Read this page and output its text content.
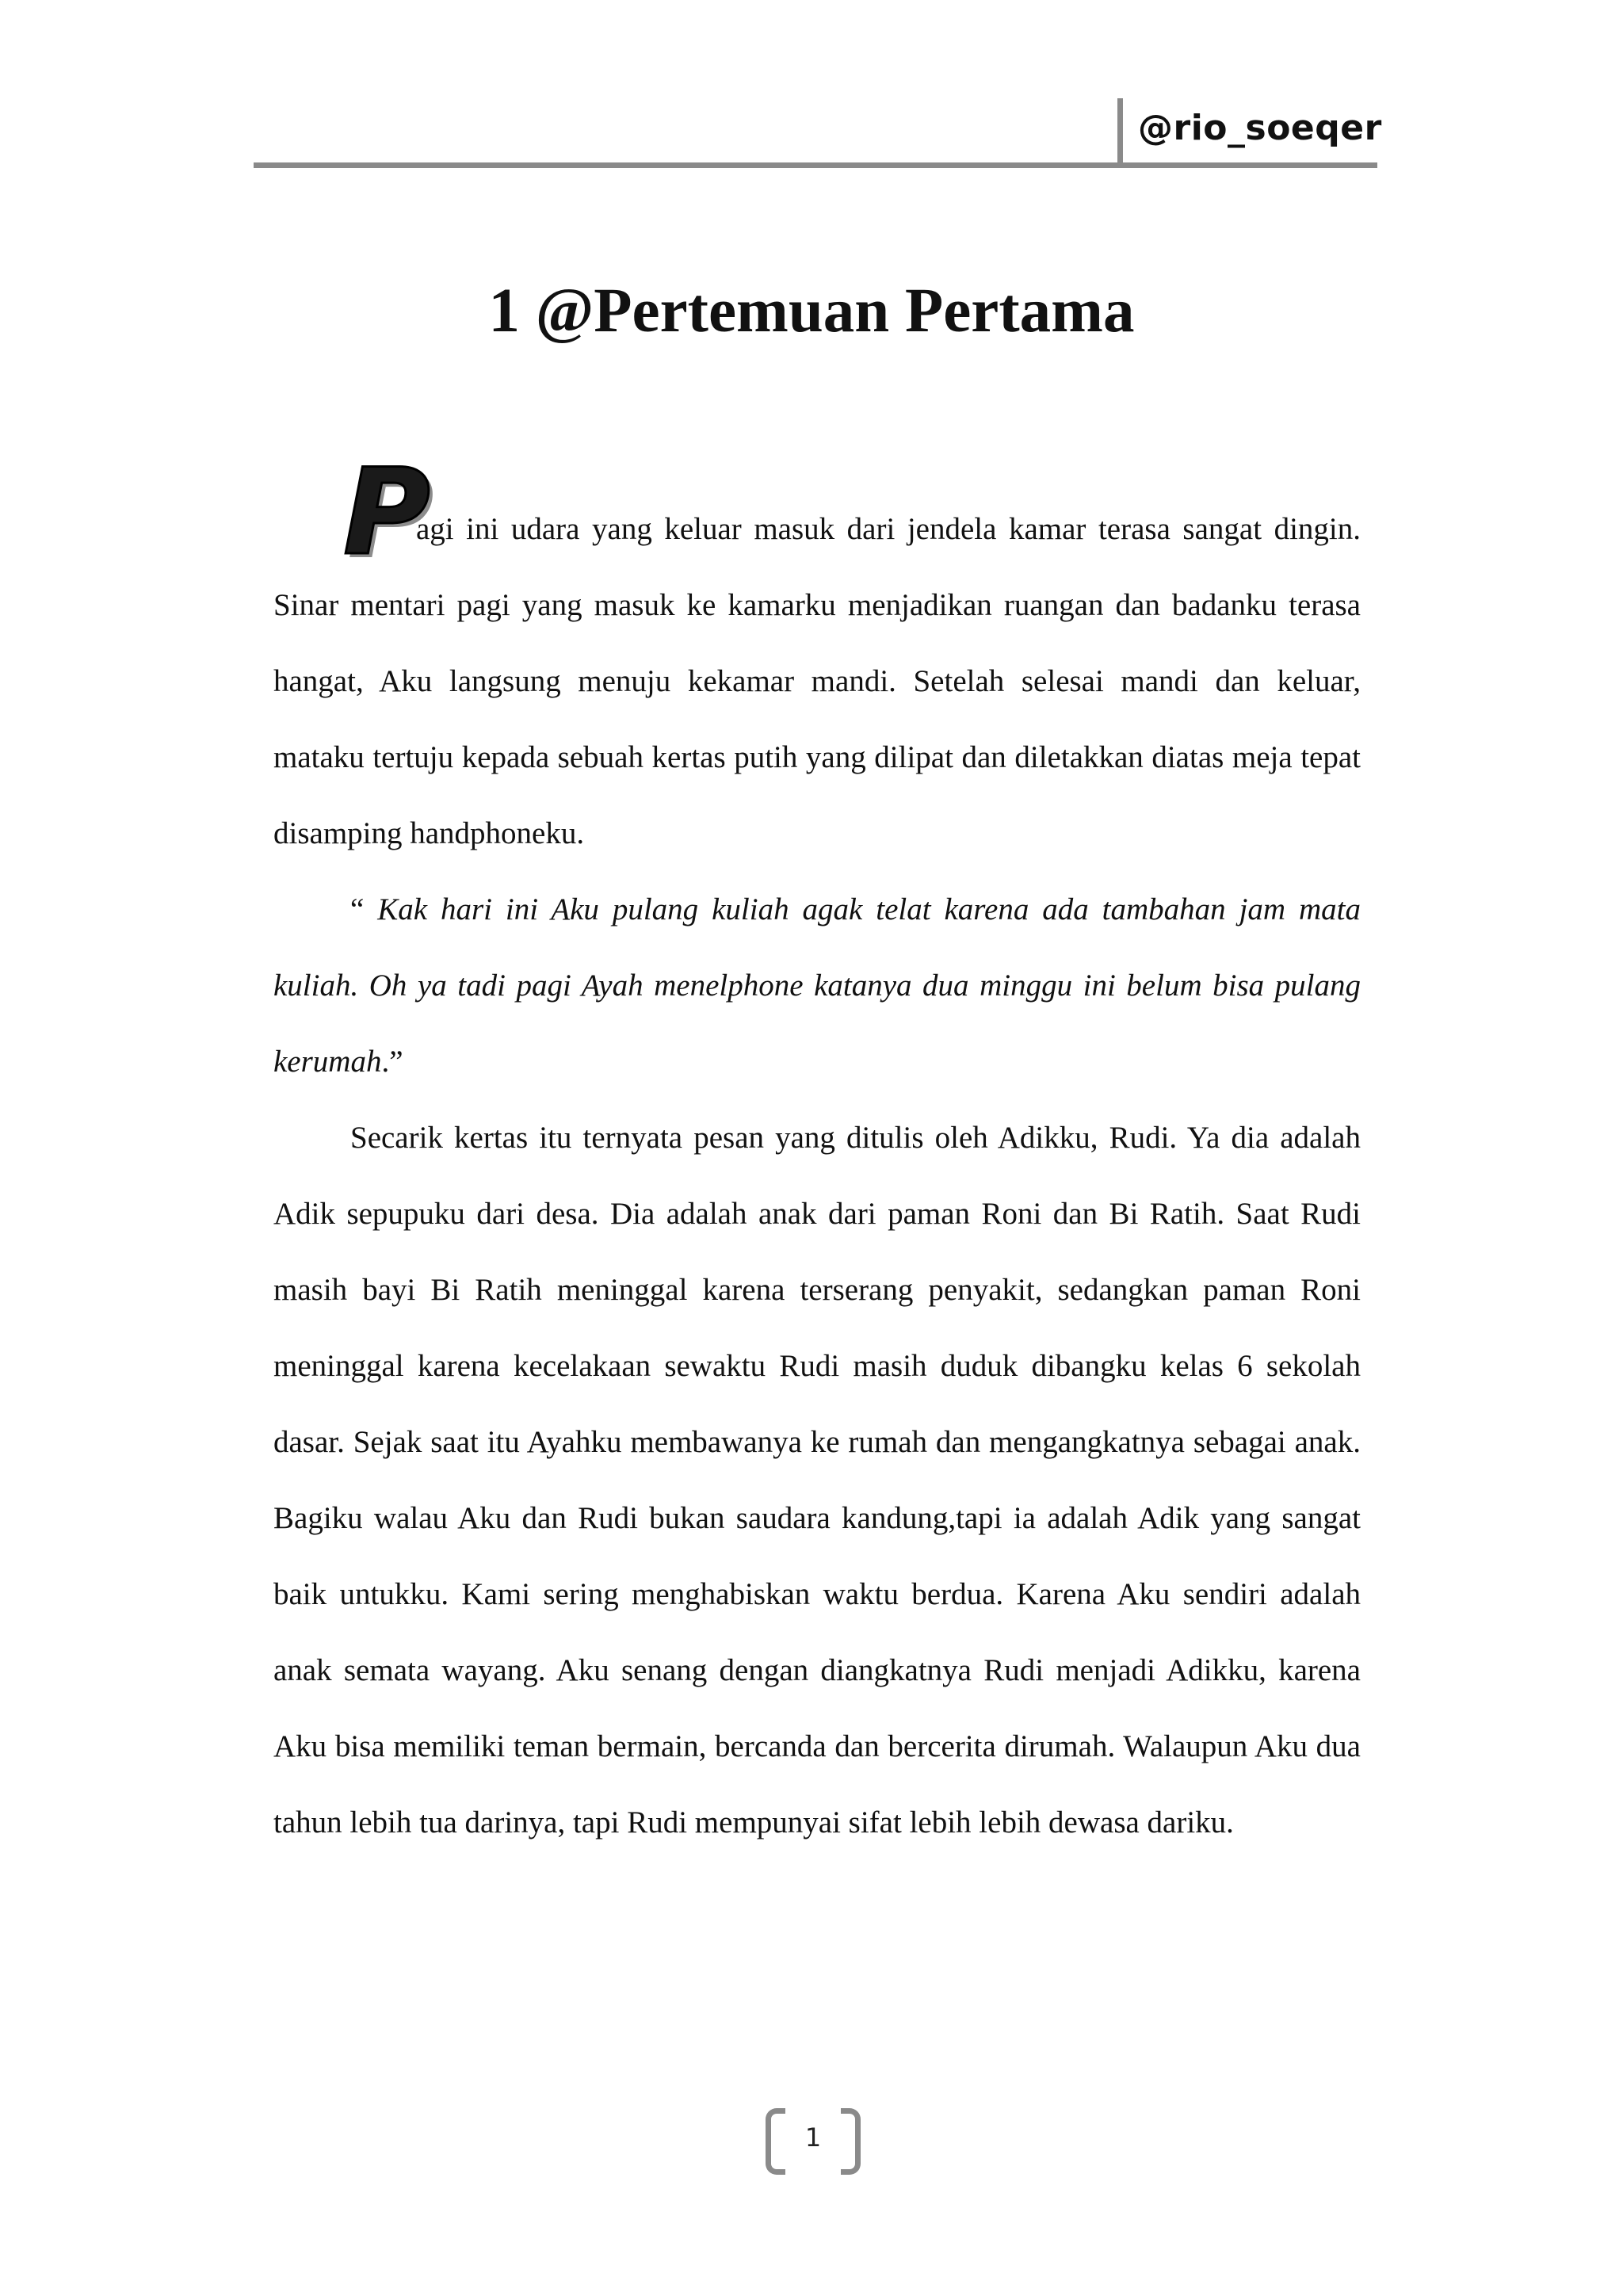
@rio_soeqer
1 @Pertemuan Pertama

P
agi ini udara yang keluar masuk dari jendela kamar terasa sangat dingin. Sinar mentari pagi yang masuk ke kamarku menjadikan ruangan dan badanku terasa hangat, Aku langsung menuju kekamar mandi. Setelah selesai mandi dan keluar, mataku tertuju kepada sebuah kertas putih yang dilipat dan diletakkan diatas meja tepat disamping handphoneku.

“ Kak hari ini Aku pulang kuliah agak telat karena ada tambahan jam mata kuliah. Oh ya tadi pagi Ayah menelphone katanya dua minggu ini belum bisa pulang kerumah.”

Secarik kertas itu ternyata pesan yang ditulis oleh Adikku, Rudi. Ya dia adalah Adik sepupuku dari desa. Dia adalah anak dari paman Roni dan Bi Ratih. Saat Rudi masih bayi Bi Ratih meninggal karena terserang penyakit, sedangkan paman Roni meninggal karena kecelakaan sewaktu Rudi masih duduk dibangku kelas 6 sekolah dasar. Sejak saat itu Ayahku membawanya ke rumah dan mengangkatnya sebagai anak. Bagiku walau Aku dan Rudi bukan saudara kandung,tapi ia adalah Adik yang sangat baik untukku. Kami sering menghabiskan waktu berdua. Karena Aku sendiri adalah anak semata wayang. Aku senang dengan diangkatnya Rudi menjadi Adikku, karena Aku bisa memiliki teman bermain, bercanda dan bercerita dirumah. Walaupun Aku dua tahun lebih tua darinya, tapi Rudi mempunyai sifat lebih lebih dewasa dariku.

1
